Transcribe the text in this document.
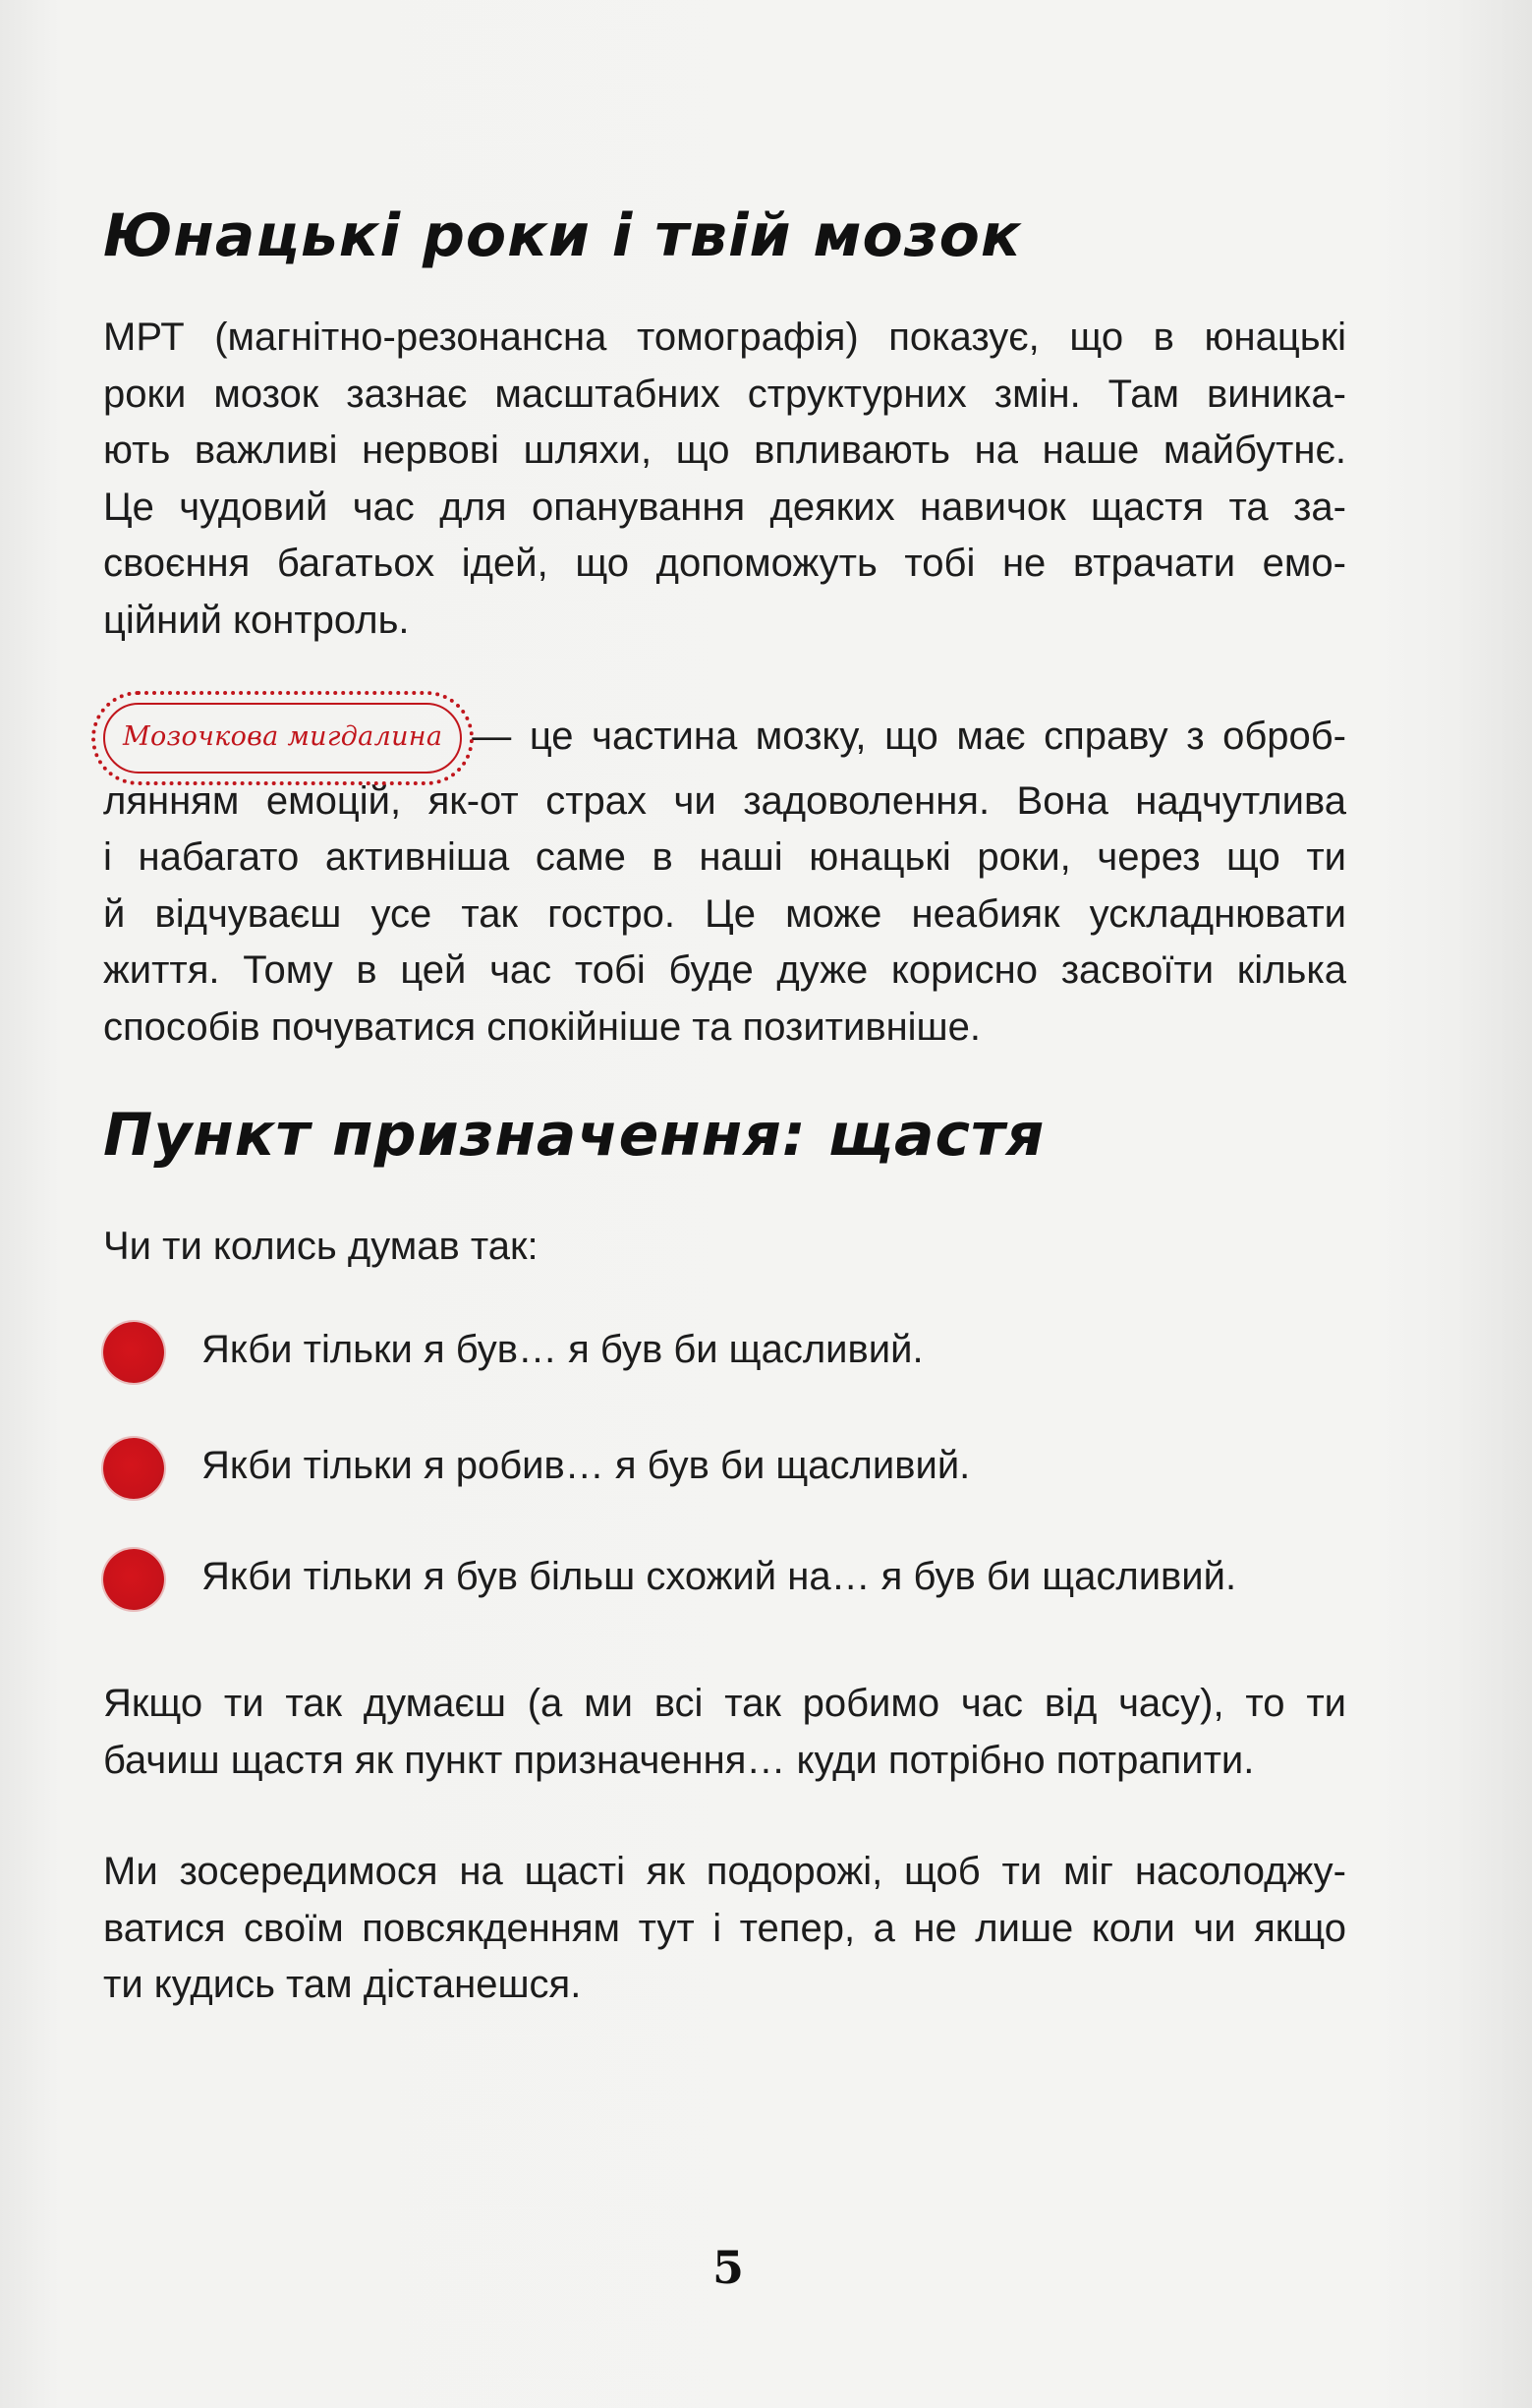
Юнацькі роки і твій мозок
МРТ (магнітно-резонансна томографія) показує, що в юнацькі
роки мозок зазнає масштабних структурних змін. Там виника-
ють важливі нервові шляхи, що впливають на наше майбутнє.
Це чудовий час для опанування деяких навичок щастя та за-
своєння багатьох ідей, що допоможуть тобі не втрачати емо-
ційний контроль.
Мозочкова мигдалина — це частина мозку, що має справу з оброб-
лянням емоцій, як-от страх чи задоволення. Вона надчутлива
і набагато активніша саме в наші юнацькі роки, через що ти
й відчуваєш усе так гостро. Це може неабияк ускладнювати
життя. Тому в цей час тобі буде дуже корисно засвоїти кілька
способів почуватися спокійніше та позитивніше.
Пункт призначення: щастя
Чи ти колись думав так:
Якби тільки я був… я був би щасливий.
Якби тільки я робив… я був би щасливий.
Якби тільки я був більш схожий на… я був би щасливий.
Якщо ти так думаєш (а ми всі так робимо час від часу), то ти
бачиш щастя як пункт призначення… куди потрібно потрапити.
Ми зосередимося на щасті як подорожі, щоб ти міг насолоджу-
ватися своїм повсякденням тут і тепер, а не лише коли чи якщо
ти кудись там дістанешся.
5
